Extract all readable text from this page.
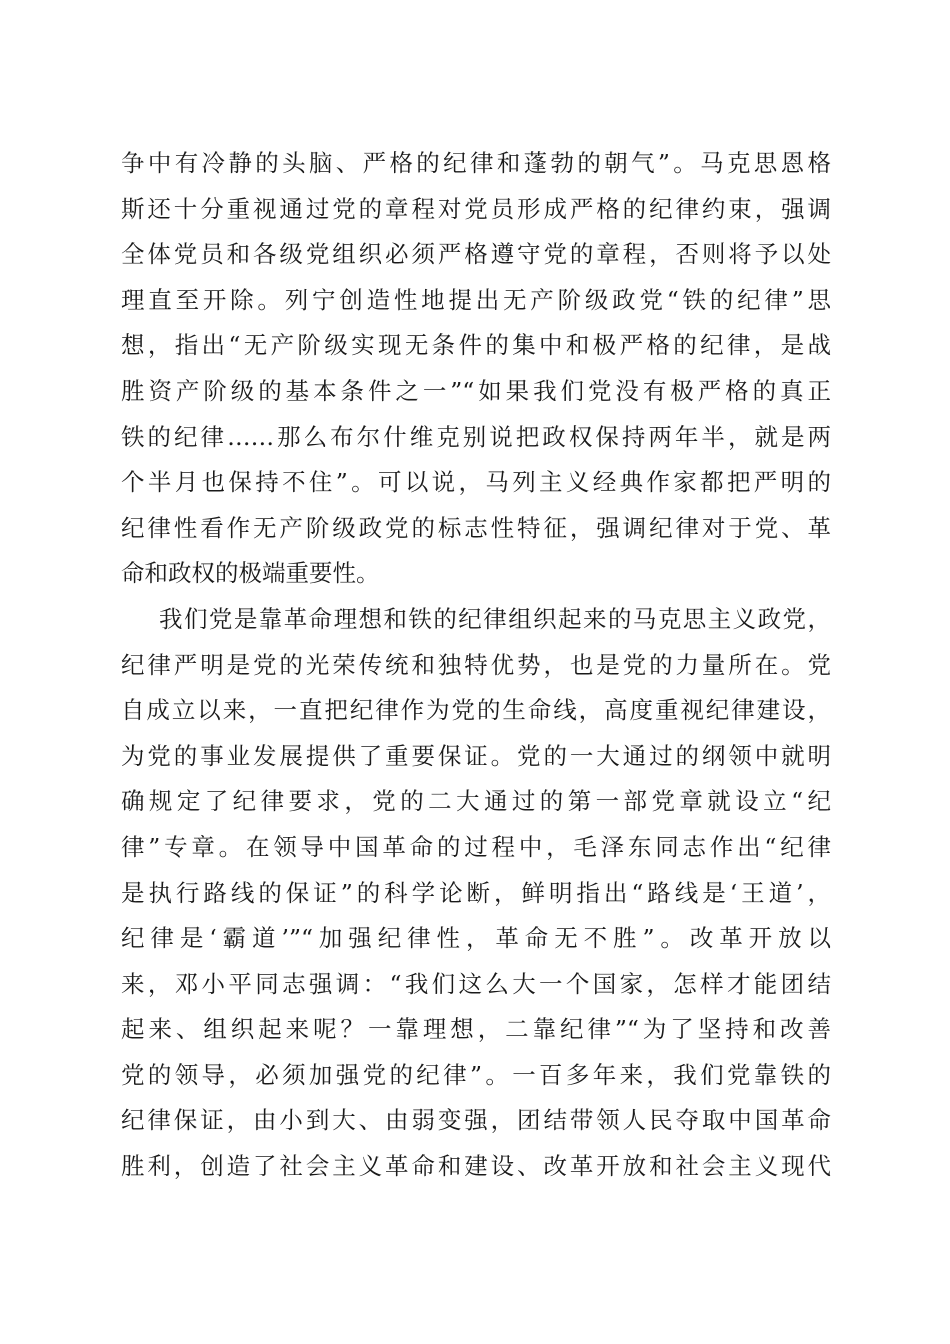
争中有冷静的头脑、严格的纪律和蓬勃的朝气”。马克思恩格
斯还十分重视通过党的章程对党员形成严格的纪律约束，强调
全体党员和各级党组织必须严格遵守党的章程，否则将予以处
理直至开除。列宁创造性地提出无产阶级政党“铁的纪律”思
想，指出“无产阶级实现无条件的集中和极严格的纪律，是战
胜资产阶级的基本条件之一”“如果我们党没有极严格的真正
铁的纪律……那么布尔什维克别说把政权保持两年半，就是两
个半月也保持不住”。可以说，马列主义经典作家都把严明的
纪律性看作无产阶级政党的标志性特征，强调纪律对于党、革
命和政权的极端重要性。
我们党是靠革命理想和铁的纪律组织起来的马克思主义政党，
纪律严明是党的光荣传统和独特优势，也是党的力量所在。党
自成立以来，一直把纪律作为党的生命线，高度重视纪律建设，
为党的事业发展提供了重要保证。党的一大通过的纲领中就明
确规定了纪律要求，党的二大通过的第一部党章就设立“纪
律”专章。在领导中国革命的过程中，毛泽东同志作出“纪律
是执行路线的保证”的科学论断，鲜明指出“路线是‘王道’，
纪律是‘霸道’”“加强纪律性，革命无不胜”。改革开放以
来，邓小平同志强调：“我们这么大一个国家，怎样才能团结
起来、组织起来呢？一靠理想，二靠纪律”“为了坚持和改善
党的领导，必须加强党的纪律”。一百多年来，我们党靠铁的
纪律保证，由小到大、由弱变强，团结带领人民夺取中国革命
胜利，创造了社会主义革命和建设、改革开放和社会主义现代
